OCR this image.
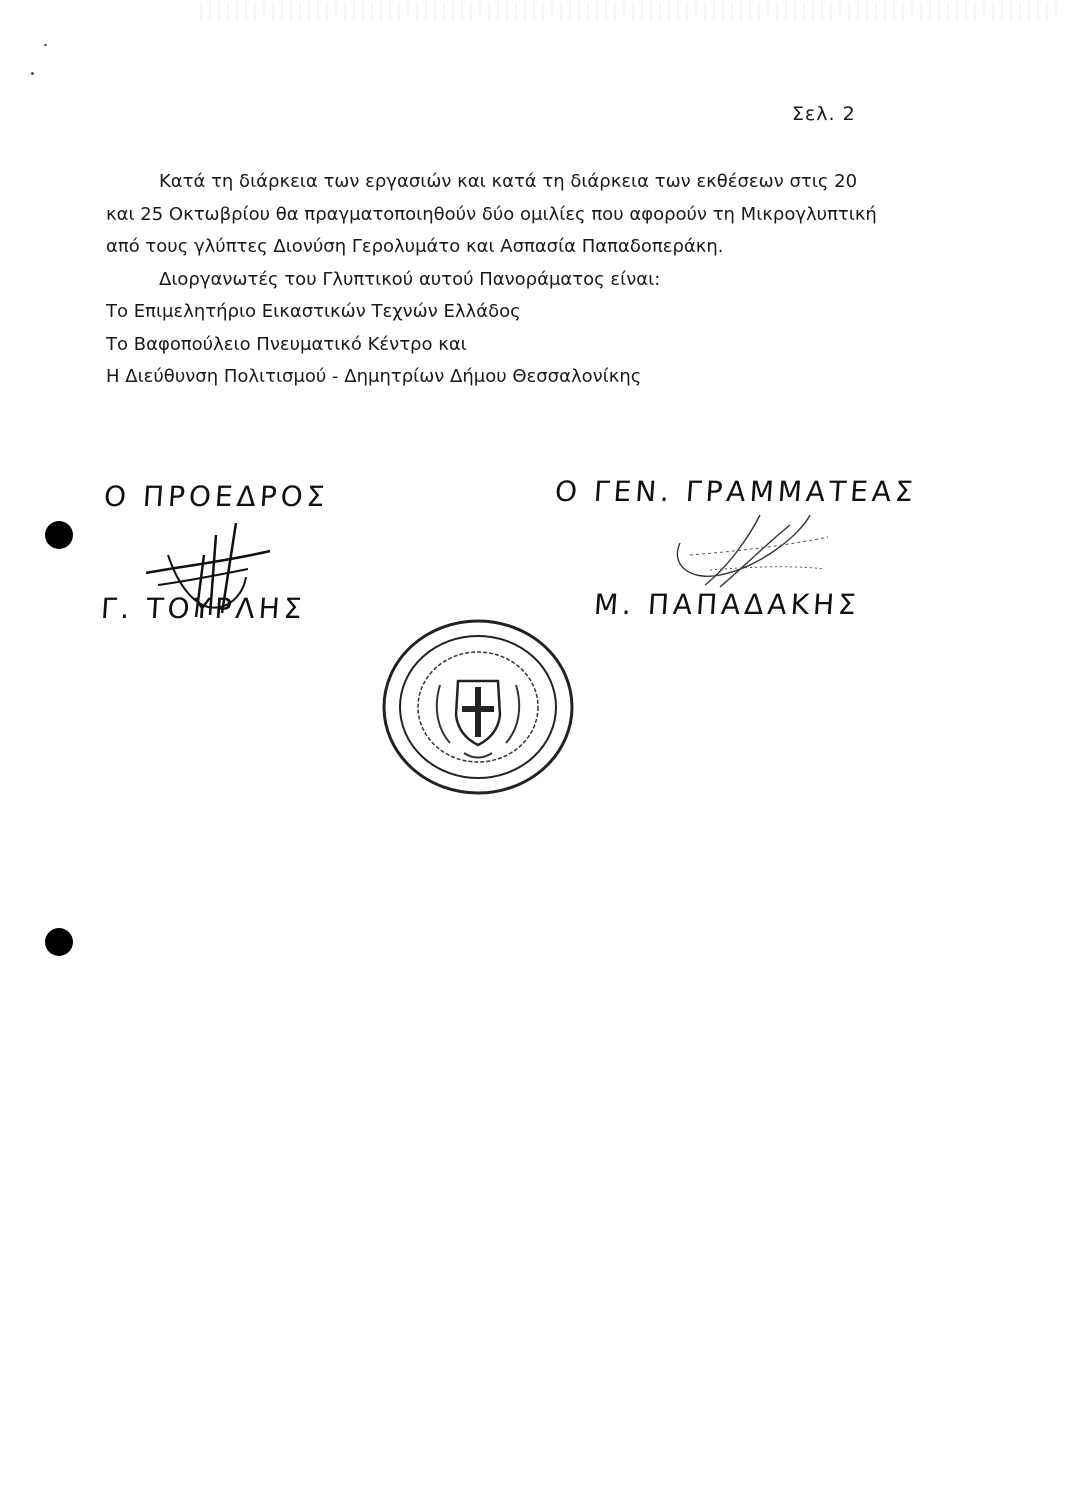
Σελ. 2
Κατά τη διάρκεια των εργασιών και κατά τη διάρκεια των εκθέσεων στις 20
και 25 Οκτωβρίου θα πραγματοποιηθούν δύο ομιλίες που αφορούν τη Μικρογλυπτική
από τους γλύπτες Διονύση Γερολυμάτο και Ασπασία Παπαδοπεράκη.
Διοργανωτές του Γλυπτικού αυτού Πανοράματος είναι:
Το Επιμελητήριο Εικαστικών Τεχνών Ελλάδος
Το Βαφοπούλειο Πνευματικό Κέντρο και
Η Διεύθυνση Πολιτισμού - Δημητρίων Δήμου Θεσσαλονίκης
Ο ΠΡΟΕΔΡΟΣ
Γ. ΤΟΥΡΛΗΣ
Ο ΓΕΝ. ΓΡΑΜΜΑΤΕΑΣ
Μ. ΠΑΠΑΔΑΚΗΣ
